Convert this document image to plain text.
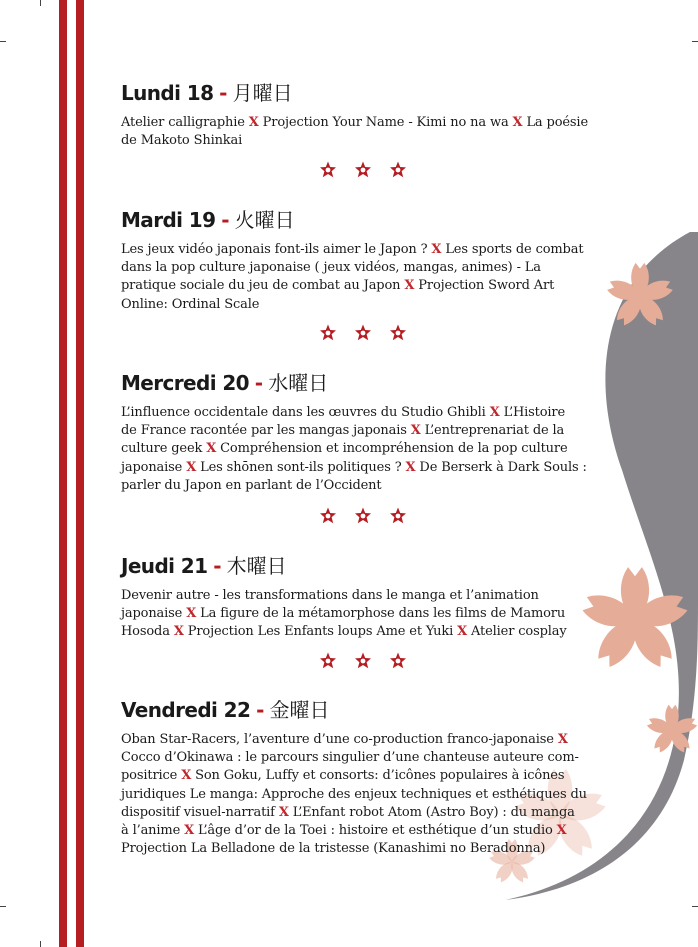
Lundi 18 - 月曜日
Atelier calligraphie X Projection Your Name - Kimi no na wa X La poésie
de Makoto Shinkai
Mardi 19 - 火曜日
Les jeux vidéo japonais font-ils aimer le Japon ? X Les sports de combat
dans la pop culture japonaise ( jeux vidéos, mangas, animes) - La
pratique sociale du jeu de combat au Japon X Projection Sword Art
Online: Ordinal Scale
Mercredi 20 - 水曜日
L’influence occidentale dans les œuvres du Studio Ghibli X L’Histoire
de France racontée par les mangas japonais X L’entreprenariat de la
culture geek X Compréhension et incompréhension de la pop culture
japonaise X Les shōnen sont-ils politiques ? X De Berserk à Dark Souls :
parler du Japon en parlant de l’Occident
Jeudi 21 - 木曜日
Devenir autre - les transformations dans le manga et l’animation
japonaise X La figure de la métamorphose dans les films de Mamoru
Hosoda X Projection Les Enfants loups Ame et Yuki X Atelier cosplay
Vendredi 22 - 金曜日
Oban Star-Racers, l’aventure d’une co-production franco-japonaise X
Cocco d’Okinawa : le parcours singulier d’une chanteuse auteure com-
positrice X Son Goku, Luffy et consorts: d’icônes populaires à icônes
juridiques Le manga: Approche des enjeux techniques et esthétiques du
dispositif visuel-narratif X L’Enfant robot Atom (Astro Boy) : du manga
à l’anime X L’âge d’or de la Toei : histoire et esthétique d’un studio X
Projection La Belladone de la tristesse (Kanashimi no Beradonna)
